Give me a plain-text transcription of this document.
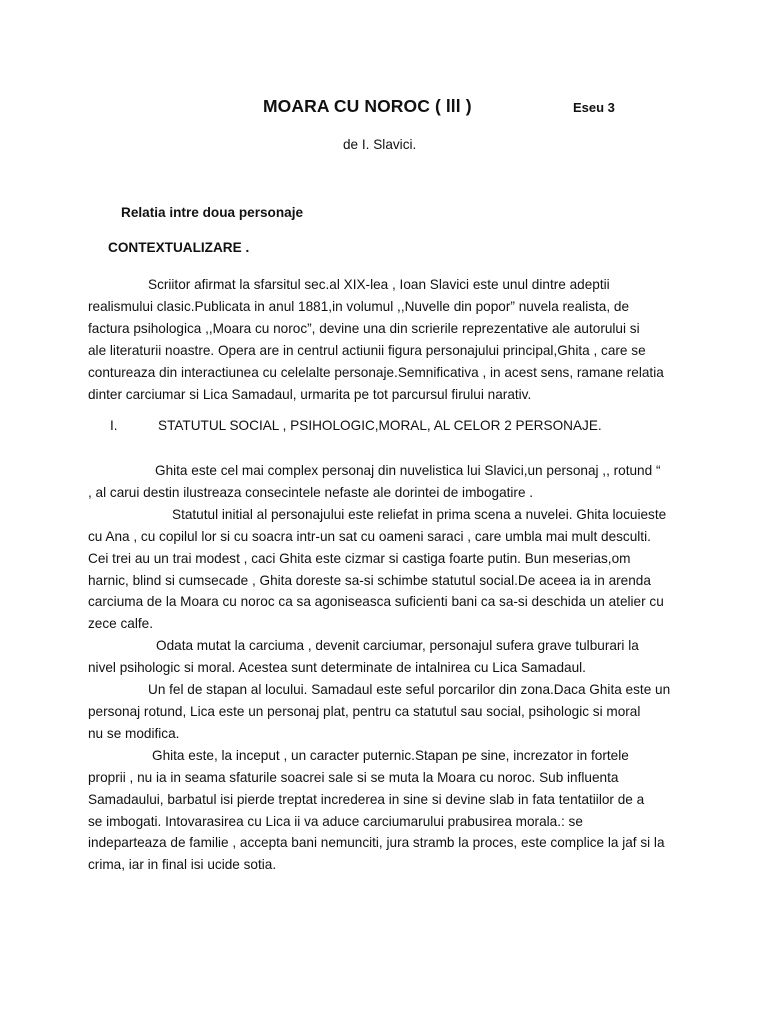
MOARA CU NOROC ( lll )	Eseu 3
de I. Slavici.
Relatia intre doua personaje
CONTEXTUALIZARE .
Scriitor afirmat la sfarsitul sec.al XIX-lea , Ioan Slavici este unul dintre adeptii
realismului clasic.Publicata in anul 1881,in volumul ,,Nuvelle din popor” nuvela realista, de
factura psihologica ,,Moara cu noroc”, devine una din scrierile reprezentative ale autorului si
ale literaturii noastre. Opera are in centrul actiunii figura personajului principal,Ghita , care se
contureaza din interactiunea cu celelalte personaje.Semnificativa , in acest sens, ramane relatia
dinter carciumar si Lica Samadaul, urmarita pe tot parcursul firului narativ.
I.	STATUTUL SOCIAL , PSIHOLOGIC,MORAL, AL CELOR 2 PERSONAJE.
Ghita este cel mai complex personaj din nuvelistica lui Slavici,un personaj ,, rotund “
, al carui destin ilustreaza consecintele nefaste ale dorintei de imbogatire .
Statutul initial al personajului este reliefat in prima scena a nuvelei. Ghita locuieste
cu Ana , cu copilul lor si cu soacra intr-un sat cu oameni saraci , care umbla mai mult desculti.
Cei trei au un trai modest , caci Ghita este cizmar si castiga foarte putin. Bun meserias,om
harnic, blind si cumsecade , Ghita doreste sa-si schimbe statutul social.De aceea ia in arenda
carciuma de la Moara cu noroc ca sa agoniseasca suficienti bani ca sa-si deschida un atelier cu
zece calfe.
Odata mutat la carciuma , devenit carciumar, personajul sufera grave tulburari la
nivel psihologic si moral. Acestea sunt determinate de intalnirea cu Lica Samadaul.
Un fel de stapan al locului. Samadaul este seful porcarilor din zona.Daca Ghita este un
personaj rotund, Lica este un personaj plat, pentru ca statutul sau social, psihologic si moral
nu se modifica.
Ghita este, la inceput , un caracter puternic.Stapan pe sine, increzator in fortele
proprii , nu ia in seama sfaturile soacrei sale si se muta la Moara cu noroc. Sub influenta
Samadaului, barbatul isi pierde treptat increderea in sine si devine slab in fata tentatiilor de a
se imbogati. Intovarasirea cu Lica ii va aduce carciumarului prabusirea morala.: se
indeparteaza de familie , accepta bani nemunciti, jura stramb la proces, este complice la jaf si la
crima, iar in final isi ucide sotia.
